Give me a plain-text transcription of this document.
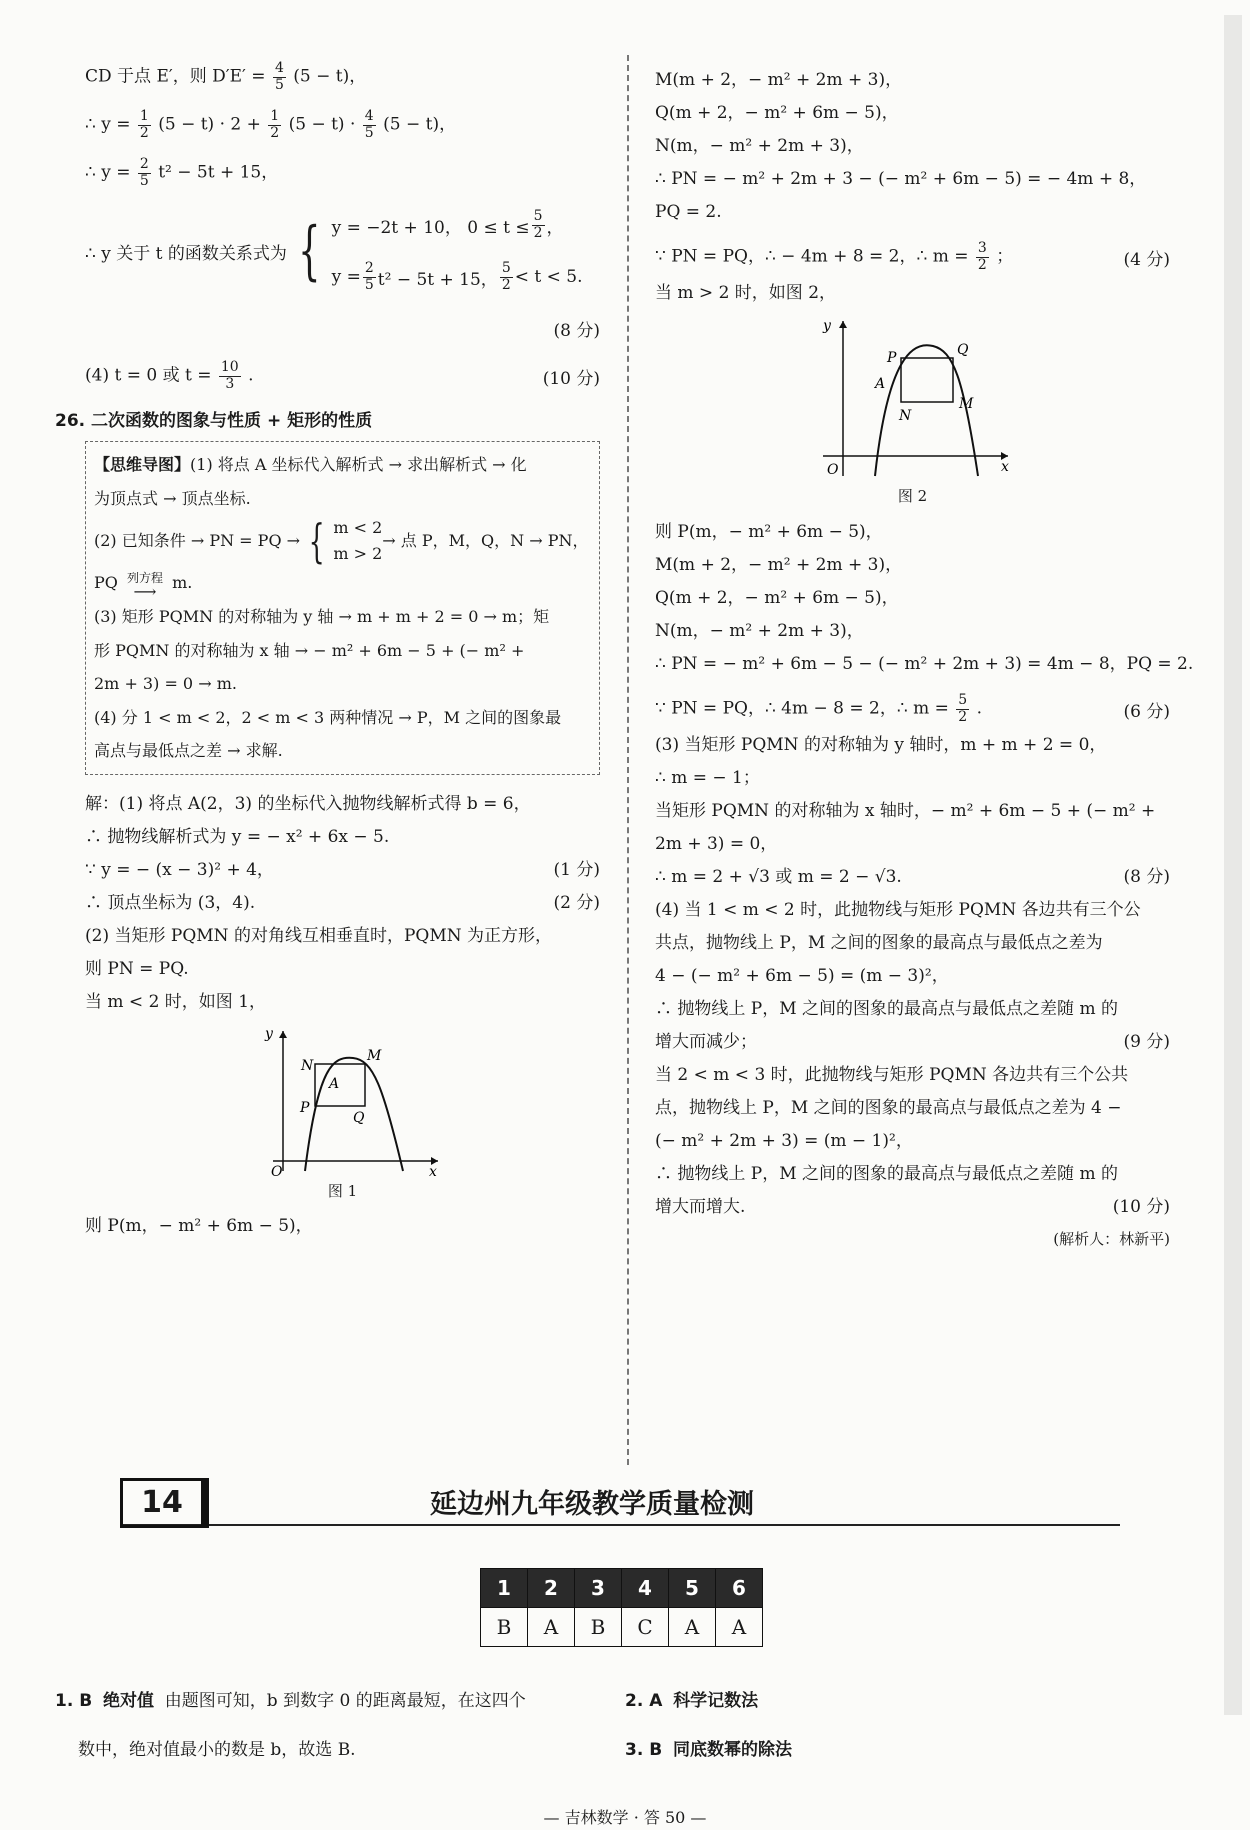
CD 于点 E′，则 $D'E' = \frac{4}{5} (5 - t)$，
∴ $y = \frac{1}{2} (5 - t) \cdot 2 + \frac{1}{2} (5 - t) \cdot \frac{4}{5} (5 - t)$，
∴ $y = \frac{2}{5} t^2 - 5t + 15$，
∴ y 关于 t 的函数关系式为 { y = −2t + 10， $0 \le t \le \frac{5}{2}$ ，
$y = \frac{2}{5} t^2 - 5t + 15$， $\frac{5}{2} < t < 5$.
(8 分)
(4) t = 0 或 $t = \frac{10}{3}$ .	(10 分)
26. 二次函数的图象与性质 + 矩形的性质
【思维导图】(1) 将点 A 坐标代入解析式 → 求出解析式 → 化
为顶点式 → 顶点坐标.
(2) 已知条件 → PN = PQ → { m < 2
m > 2
→ 点 P，M，Q，N → PN，
PQ 列方程
⟶ m.
(3) 矩形 PQMN 的对称轴为 y 轴 → m + m + 2 = 0 → m；矩
形 PQMN 的对称轴为 x 轴 → − m² + 6m − 5 + (− m² +
2m + 3) = 0 → m.
(4) 分 1 < m < 2，2 < m < 3 两种情况 → P，M 之间的图象最
高点与最低点之差 → 求解.
解：(1) 将点 A(2，3) 的坐标代入抛物线解析式得 b = 6，
∴ 抛物线解析式为 y = − x² + 6x − 5.
∵ y = − (x − 3)² + 4，	(1 分)
∴ 顶点坐标为 (3，4).	(2 分)
(2) 当矩形 PQMN 的对角线互相垂直时，PQMN 为正方形，
则 PN = PQ.
当 m < 2 时，如图 1，
y
x
O
N
M
A
P
Q
图 1
则 P(m，− m² + 6m − 5)，
M(m + 2，− m² + 2m + 3)，
Q(m + 2，− m² + 6m − 5)，
N(m，− m² + 2m + 3)，
∴ PN = − m² + 2m + 3 − (− m² + 6m − 5) = − 4m + 8，
PQ = 2.
∵ PN = PQ，∴ − 4m + 8 = 2，∴ $m = \frac{3}{2}$ ；	(4 分)
当 m > 2 时，如图 2，
y
x
O
P	Q
A
N
M
图 2
则 P(m，− m² + 6m − 5)，
M(m + 2，− m² + 2m + 3)，
Q(m + 2，− m² + 6m − 5)，
N(m，− m² + 2m + 3)，
∴ PN = − m² + 6m − 5 − (− m² + 2m + 3) = 4m − 8，PQ = 2.
∵ PN = PQ，∴ 4m − 8 = 2，∴ $m = \frac{5}{2}$ .	(6 分)
(3) 当矩形 PQMN 的对称轴为 y 轴时，m + m + 2 = 0，
∴ m = − 1；
当矩形 PQMN 的对称轴为 x 轴时，− m² + 6m − 5 + (− m² +
2m + 3) = 0，
∴ m = 2 + √3 或 m = 2 − √3.	(8 分)
(4) 当 1 < m < 2 时，此抛物线与矩形 PQMN 各边共有三个公
共点，抛物线上 P，M 之间的图象的最高点与最低点之差为
4 − (− m² + 6m − 5) = (m − 3)²，
∴ 抛物线上 P，M 之间的图象的最高点与最低点之差随 m 的
增大而减少；	(9 分)
当 2 < m < 3 时，此抛物线与矩形 PQMN 各边共有三个公共
点，抛物线上 P，M 之间的图象的最高点与最低点之差为 4 −
(− m² + 2m + 3) = (m − 1)²，
∴ 抛物线上 P，M 之间的图象的最高点与最低点之差随 m 的
增大而增大.	(10 分)
(解析人：林新平)
14	延边州九年级教学质量检测
1	2	3	4	5	6
B	A	B	C	A	A
1. B 绝对值 由题图可知，b 到数字 0 的距离最短，在这四个	2. A 科学记数法
数中，绝对值最小的数是 b，故选 B.	3. B 同底数幂的除法
— 吉林数学 · 答 50 —
